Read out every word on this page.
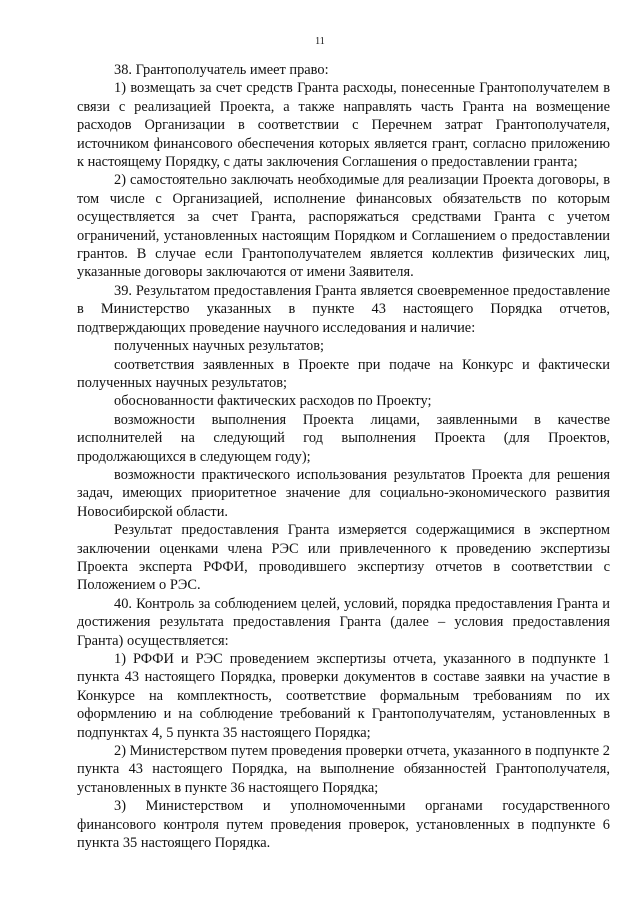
11

38. Грантополучатель имеет право:

1) возмещать за счет средств Гранта расходы, понесенные Грантополучателем в связи с реализацией Проекта, а также направлять часть Гранта на возмещение расходов Организации в соответствии с Перечнем затрат Грантополучателя, источником финансового обеспечения которых является грант, согласно приложению к настоящему Порядку, с даты заключения Соглашения о предоставлении гранта;

2) самостоятельно заключать необходимые для реализации Проекта договоры, в том числе с Организацией, исполнение финансовых обязательств по которым осуществляется за счет Гранта, распоряжаться средствами Гранта с учетом ограничений, установленных настоящим Порядком и Соглашением о предоставлении грантов. В случае если Грантополучателем является коллектив физических лиц, указанные договоры заключаются от имени Заявителя.

39. Результатом предоставления Гранта является своевременное предоставление в Министерство указанных в пункте 43 настоящего Порядка отчетов, подтверждающих проведение научного исследования и наличие:

полученных научных результатов;

соответствия заявленных в Проекте при подаче на Конкурс и фактически полученных научных результатов;

обоснованности фактических расходов по Проекту;

возможности выполнения Проекта лицами, заявленными в качестве исполнителей на следующий год выполнения Проекта (для Проектов, продолжающихся в следующем году);

возможности практического использования результатов Проекта для решения задач, имеющих приоритетное значение для социально-экономического развития Новосибирской области.

Результат предоставления Гранта измеряется содержащимися в экспертном заключении оценками члена РЭС или привлеченного к проведению экспертизы Проекта эксперта РФФИ, проводившего экспертизу отчетов в соответствии с Положением о РЭС.

40. Контроль за соблюдением целей, условий, порядка предоставления Гранта и достижения результата предоставления Гранта (далее – условия предоставления Гранта) осуществляется:

1) РФФИ и РЭС проведением экспертизы отчета, указанного в подпункте 1 пункта 43 настоящего Порядка, проверки документов в составе заявки на участие в Конкурсе на комплектность, соответствие формальным требованиям по их оформлению и на соблюдение требований к Грантополучателям, установленных в подпунктах 4, 5 пункта 35 настоящего Порядка;

2) Министерством путем проведения проверки отчета, указанного в подпункте 2 пункта 43 настоящего Порядка, на выполнение обязанностей Грантополучателя, установленных в пункте 36 настоящего Порядка;

3) Министерством и уполномоченными органами государственного финансового контроля путем проведения проверок, установленных в подпункте 6 пункта 35 настоящего Порядка.
